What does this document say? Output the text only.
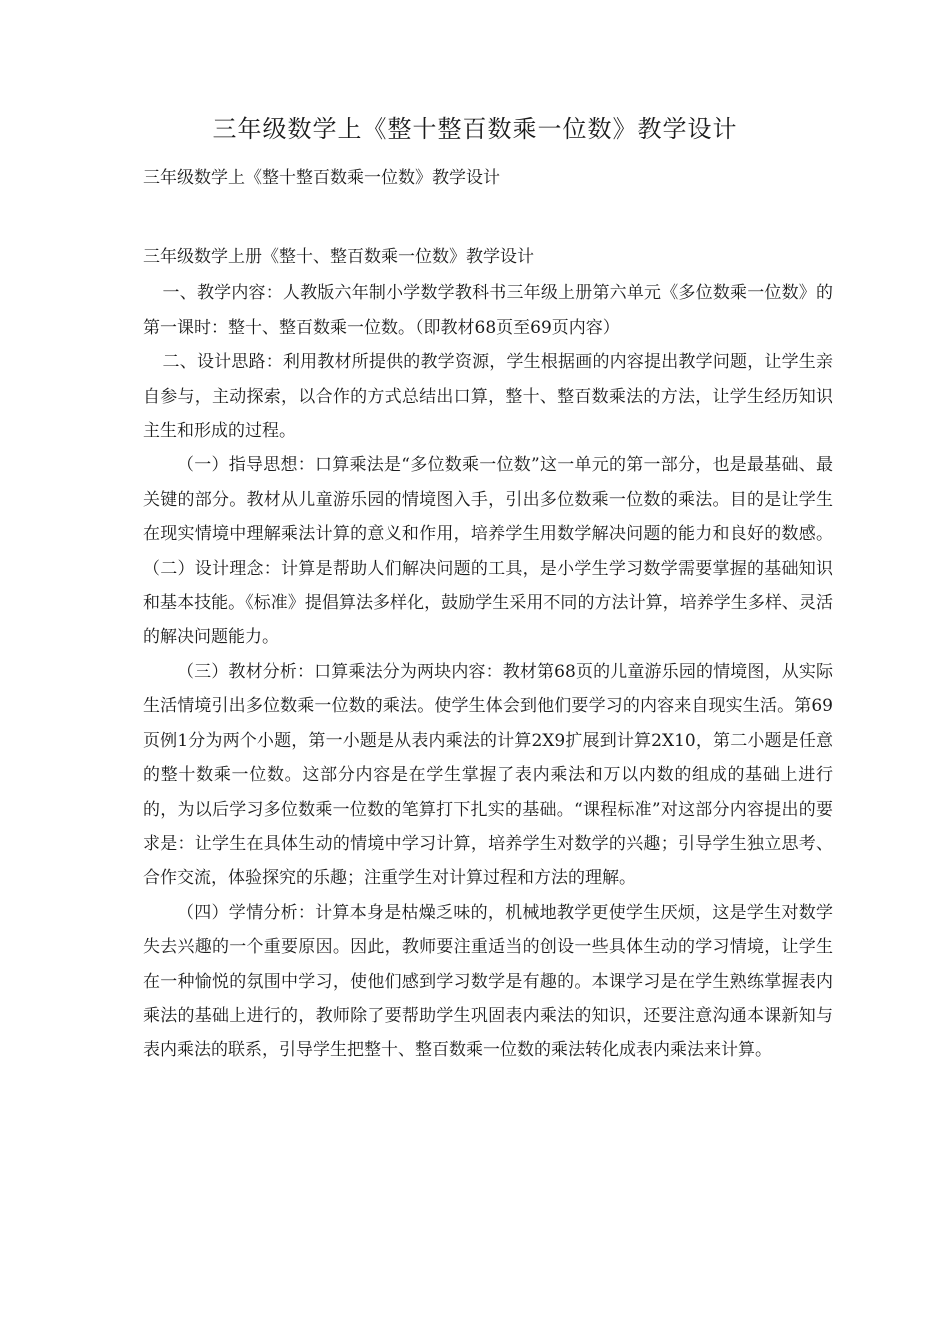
三年级数学上《整十整百数乘一位数》教学设计

三年级数学上《整十整百数乘一位数》教学设计

三年级数学上册《整十、整百数乘一位数》教学设计

一、教学内容：人教版六年制小学数学教科书三年级上册第六单元《多位数乘一位数》的第一课时：整十、整百数乘一位数。（即教材68页至69页内容）

二、设计思路：利用教材所提供的教学资源，学生根据画的内容提出教学问题，让学生亲自参与，主动探索，以合作的方式总结出口算，整十、整百数乘法的方法，让学生经历知识主生和形成的过程。

（一）指导思想：口算乘法是“多位数乘一位数”这一单元的第一部分，也是最基础、最关键的部分。教材从儿童游乐园的情境图入手，引出多位数乘一位数的乘法。目的是让学生在现实情境中理解乘法计算的意义和作用，培养学生用数学解决问题的能力和良好的数感。（二）设计理念：计算是帮助人们解决问题的工具，是小学生学习数学需要掌握的基础知识和基本技能。《标准》提倡算法多样化，鼓励学生采用不同的方法计算，培养学生多样、灵活的解决问题能力。

（三）教材分析：口算乘法分为两块内容：教材第68页的儿童游乐园的情境图，从实际生活情境引出多位数乘一位数的乘法。使学生体会到他们要学习的内容来自现实生活。第69页例1分为两个小题，第一小题是从表内乘法的计算2X9扩展到计算2X10，第二小题是任意的整十数乘一位数。这部分内容是在学生掌握了表内乘法和万以内数的组成的基础上进行的，为以后学习多位数乘一位数的笔算打下扎实的基础。“课程标准”对这部分内容提出的要求是：让学生在具体生动的情境中学习计算，培养学生对数学的兴趣；引导学生独立思考、合作交流，体验探究的乐趣；注重学生对计算过程和方法的理解。

（四）学情分析：计算本身是枯燥乏味的，机械地教学更使学生厌烦，这是学生对数学失去兴趣的一个重要原因。因此，教师要注重适当的创设一些具体生动的学习情境，让学生在一种愉悦的氛围中学习，使他们感到学习数学是有趣的。本课学习是在学生熟练掌握表内乘法的基础上进行的，教师除了要帮助学生巩固表内乘法的知识，还要注意沟通本课新知与表内乘法的联系，引导学生把整十、整百数乘一位数的乘法转化成表内乘法来计算。
